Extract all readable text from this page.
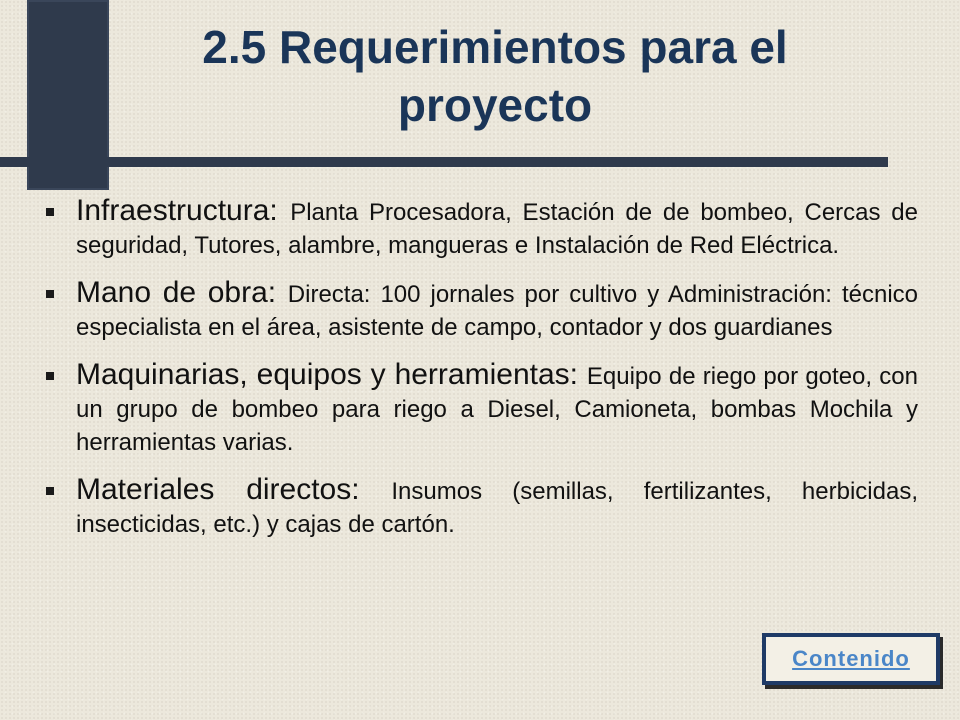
2.5 Requerimientos para el proyecto
Infraestructura: Planta Procesadora, Estación de de bombeo, Cercas de seguridad, Tutores, alambre, mangueras e Instalación de Red Eléctrica.
Mano de obra: Directa: 100 jornales por cultivo y Administración: técnico especialista en el área, asistente de campo, contador y dos guardianes
Maquinarias, equipos y herramientas: Equipo de riego por goteo, con un grupo de bombeo para riego a Diesel, Camioneta, bombas Mochila y herramientas varias.
Materiales directos: Insumos (semillas, fertilizantes, herbicidas, insecticidas, etc.) y cajas de cartón.
Contenido
